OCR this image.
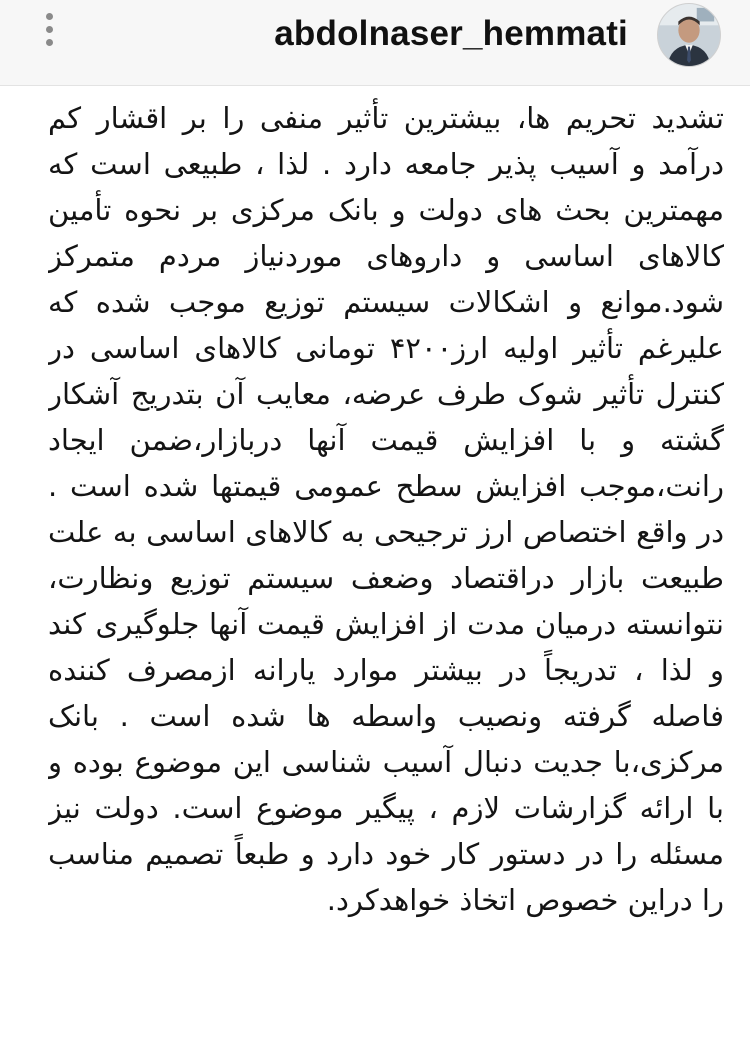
abdolnaser_hemmati
تشدید تحریم ها، بیشترین تأثیر منفی را بر اقشار کم درآمد و آسیب پذیر جامعه دارد . لذا ، طبیعی است که مهمترین بحث های دولت و بانک مرکزی بر نحوه تأمین کالاهای اساسی و داروهای موردنیاز مردم متمرکز شود.موانع و اشکالات سیستم توزیع موجب شده که علیرغم تأثیر اولیه ارز۴۲۰۰ تومانی کالاهای اساسی در کنترل تأثیر شوک طرف عرضه، معایب آن بتدریج آشکار گشته و با افزایش قیمت آنها دربازار،ضمن ایجاد رانت،موجب افزایش سطح عمومی قیمتها شده است . در واقع اختصاص ارز ترجیحی به کالاهای اساسی به علت طبیعت بازار دراقتصاد وضعف سیستم توزیع ونظارت، نتوانسته درمیان مدت از افزایش قیمت آنها جلوگیری کند و لذا ، تدریجاً در بیشتر موارد یارانه ازمصرف کننده فاصله گرفته ونصیب واسطه ها شده است . بانک مرکزی،با جدیت دنبال آسیب شناسی این موضوع بوده و با ارائه گزارشات لازم ، پیگیر موضوع است. دولت نیز مسئله را در دستور کار خود دارد و طبعاً تصمیم مناسب را دراین خصوص اتخاذ خواهدکرد.
